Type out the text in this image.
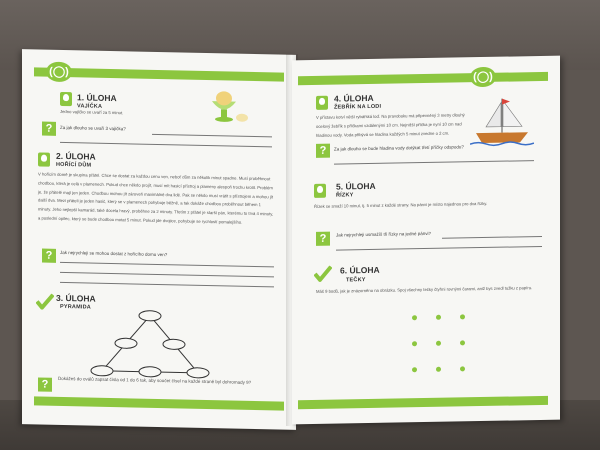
(◯)
1. ÚLOHA
VAJÍČKA
Jedno vajíčko se uvaří za 5 minut.
?	Za jak dlouho se uvaří 3 vajíčka?
2. ÚLOHA
HOŘÍCÍ DŮM
V hořícím domě je skupina přátel. Chce se dostat za každou cenu ven, neboť dům za několik minut spadne. Musí proběhnout chodbou, která je celá v plamenech. Pokud chce někdo projít, musí mít hasicí přístroj a plameny alespoň trochu krotit. Problém je, že přátelé mají jen jeden. Chodbou mohou jít zároveň maximálně dva lidé. Pak se někdo musí vrátit s přístrojem a mohou jít další dva. Mezi přáteli je jeden hasič, který se v plamenech pohybuje běžně, a tak dokáže chodbou proběhnout během 1 minuty. Jeho nejlepší kamarád, také docela hravý, proběhne za 2 minuty. Třetím z přátel je starší pán, kterému to trvá 4 minuty, a poslední opilec, který se bude chodbou motat 5 minut. Pokud jde dvojice, pohybuje se rychlostí pomalejšího.
?	Jak nejrychleji se mohou dostat z hořícího domu ven?
3. ÚLOHA
PYRAMIDA
?	Dokážeš do oválů zapsat čísla od 1 do 6 tak, aby součet čísel na každé straně byl dohromady 9?
(◯)
4. ÚLOHA
ŽEBŘÍK NA LODI
V přístavu kotví větší rybářská loď. Na pravoboku má připevněný 3 metry dlouhý ocelový žebřík s příčkami vzdálenými 10 cm. Nejnižší příčka je nyní 10 cm nad hladinou vody. Voda přibývá se hladina každých 5 minut zvedne o 2 cm.
?	Za jak dlouho se bude hladina vody dotýkat třetí příčky odspodu?
5. ÚLOHA
ŘÍZKY
Řízek se smaží 10 minut, tj. 5 minut z každé strany. Na pánvi je místo najednou pro dva řízky.
?	Jak nejrychleji usmažíš tři řízky na jedné pánvi?
6. ÚLOHA
TEČKY
Máš 9 bodů, jak je znázorněno na obrázku. Spoj všechny tečky čtyřmi rovnými čarami, aniž bys zvedl tužku z papíru.
